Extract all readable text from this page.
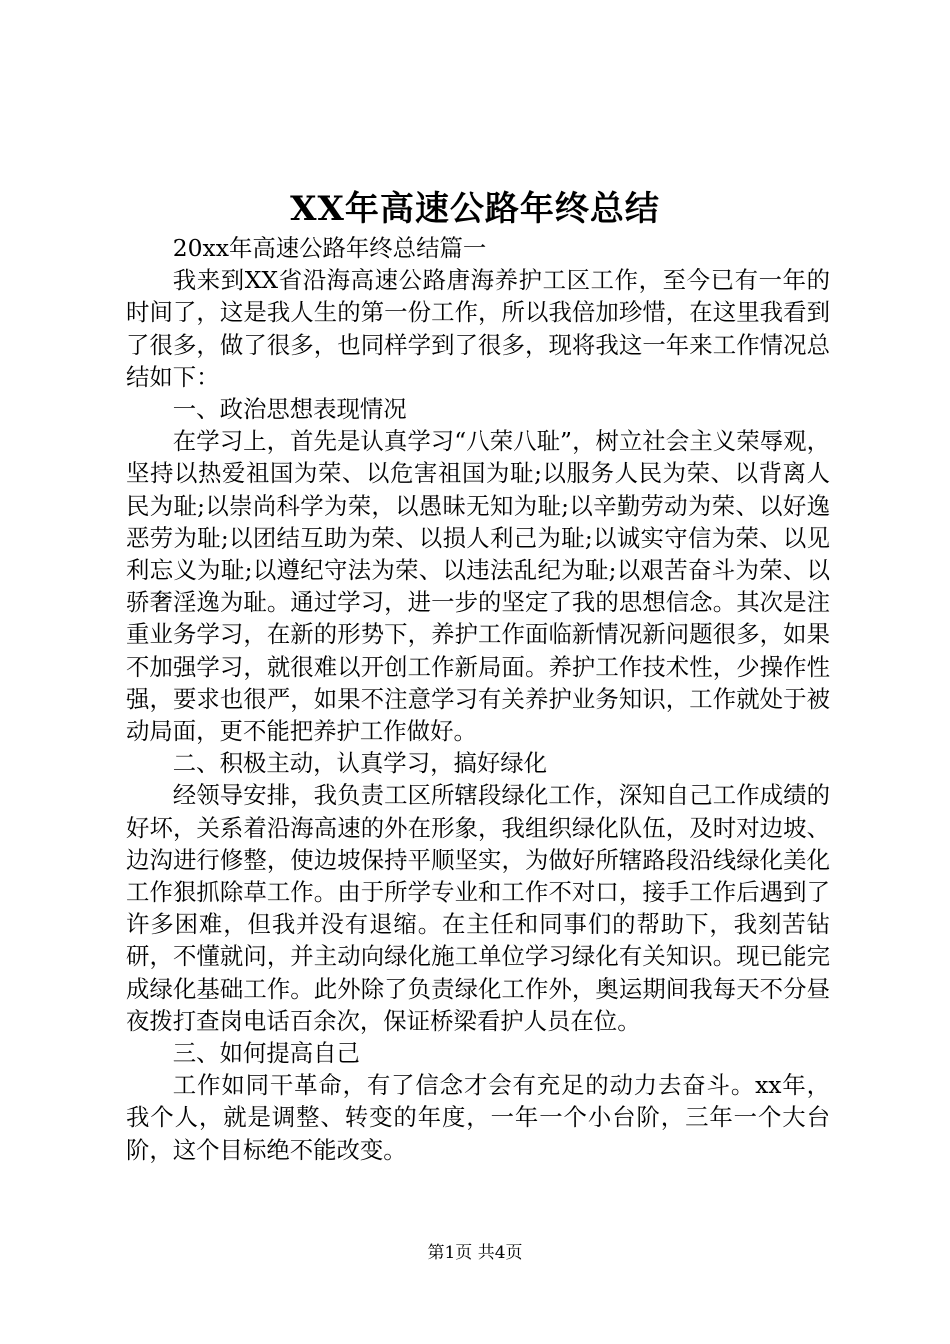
XX年高速公路年终总结

20xx年高速公路年终总结篇一

我来到XX省沿海高速公路唐海养护工区工作，至今已有一年的时间了，这是我人生的第一份工作，所以我倍加珍惜，在这里我看到了很多，做了很多，也同样学到了很多，现将我这一年来工作情况总结如下：

一、政治思想表现情况

在学习上，首先是认真学习“八荣八耻”，树立社会主义荣辱观，坚持以热爱祖国为荣、以危害祖国为耻;以服务人民为荣、以背离人民为耻;以崇尚科学为荣，以愚昧无知为耻;以辛勤劳动为荣、以好逸恶劳为耻;以团结互助为荣、以损人利己为耻;以诚实守信为荣、以见利忘义为耻;以遵纪守法为荣、以违法乱纪为耻;以艰苦奋斗为荣、以骄奢淫逸为耻。通过学习，进一步的坚定了我的思想信念。其次是注重业务学习，在新的形势下，养护工作面临新情况新问题很多，如果不加强学习，就很难以开创工作新局面。养护工作技术性，少操作性强，要求也很严，如果不注意学习有关养护业务知识，工作就处于被动局面，更不能把养护工作做好。

二、积极主动，认真学习，搞好绿化

经领导安排，我负责工区所辖段绿化工作，深知自己工作成绩的好坏，关系着沿海高速的外在形象，我组织绿化队伍，及时对边坡、边沟进行修整，使边坡保持平顺坚实，为做好所辖路段沿线绿化美化工作狠抓除草工作。由于所学专业和工作不对口，接手工作后遇到了许多困难，但我并没有退缩。在主任和同事们的帮助下，我刻苦钻研，不懂就问，并主动向绿化施工单位学习绿化有关知识。现已能完成绿化基础工作。此外除了负责绿化工作外，奥运期间我每天不分昼夜拨打查岗电话百余次，保证桥梁看护人员在位。

三、如何提高自己

工作如同干革命，有了信念才会有充足的动力去奋斗。xx年，我个人，就是调整、转变的年度，一年一个小台阶，三年一个大台阶，这个目标绝不能改变。

第1页 共4页
